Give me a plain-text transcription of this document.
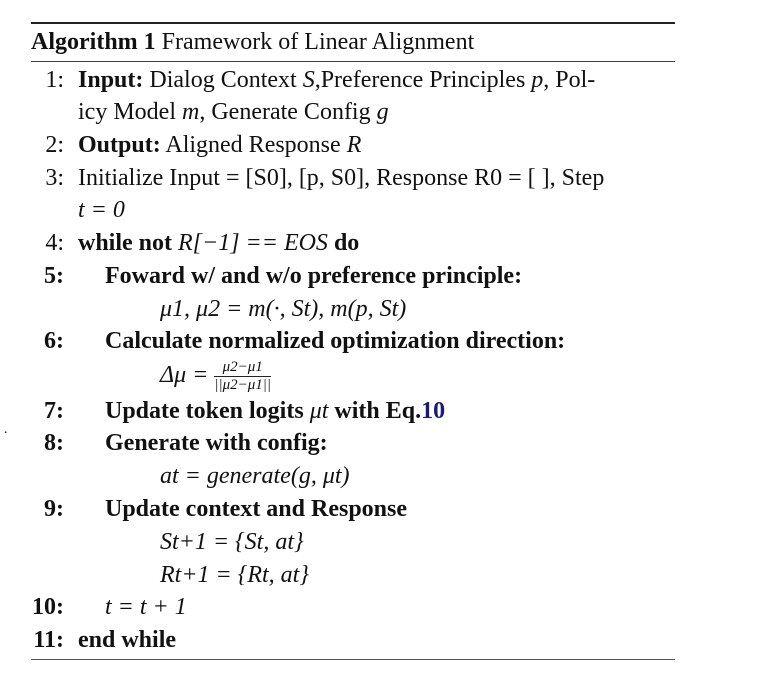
Algorithm 1 Framework of Linear Alignment
1: Input: Dialog Context S,Preference Principles p, Pol-
icy Model m, Generate Config g
2: Output: Aligned Response R
3: Initialize Input = [S0], [p, S0], Response R0 = [ ], Step
t = 0
4: while not R[−1] == EOS do
5: Foward w/ and w/o preference principle:
μ1, μ2 = m(·, St), m(p, St)
6: Calculate normalized optimization direction:
$\Delta\mu = \frac{\mu 2-\mu 1}{||\mu 2-\mu 1||}$
7: Update token logits μt with Eq.10
.
8: Generate with config:
at = generate(g, μt)
9: Update context and Response
St+1 = {St, at}
Rt+1 = {Rt, at}
10: t = t + 1
11: end while
